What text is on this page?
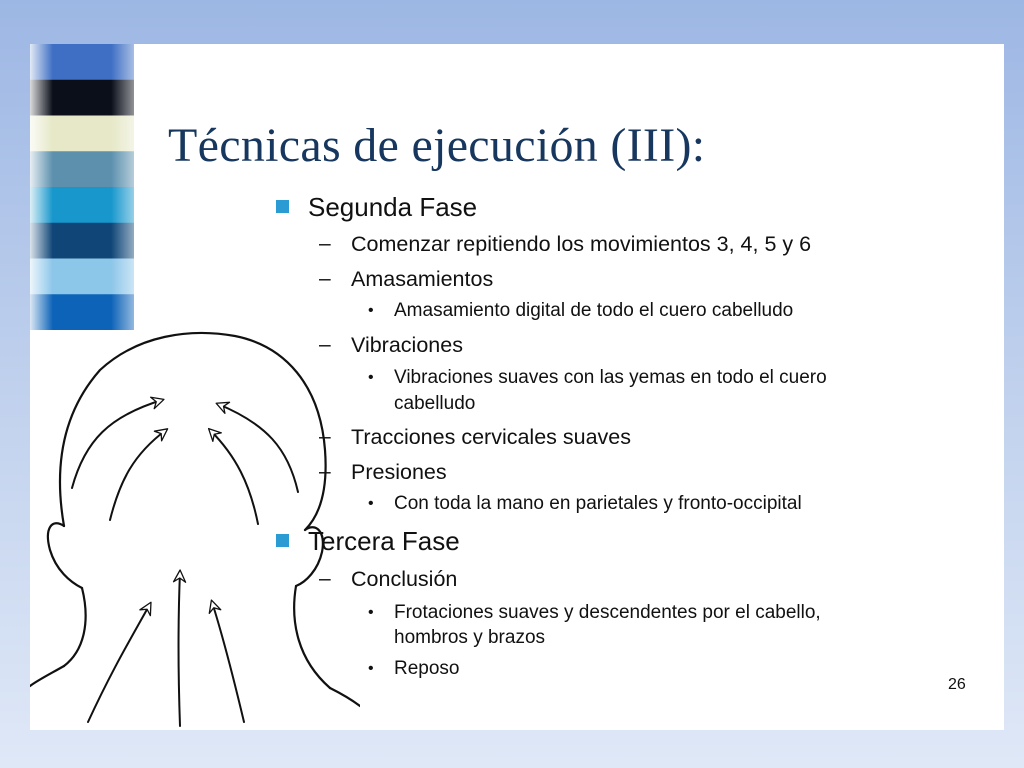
Técnicas de ejecución (III):
Segunda Fase
– Comenzar repitiendo los movimientos 3, 4, 5 y 6
– Amasamientos
• Amasamiento digital de todo el cuero cabelludo
– Vibraciones
• Vibraciones suaves con las yemas en todo el cuero
cabelludo
– Tracciones cervicales suaves
– Presiones
• Con toda la mano en parietales y fronto-occipital
Tercera Fase
– Conclusión
• Frotaciones suaves y descendentes por el cabello,
hombros y brazos
• Reposo
26
